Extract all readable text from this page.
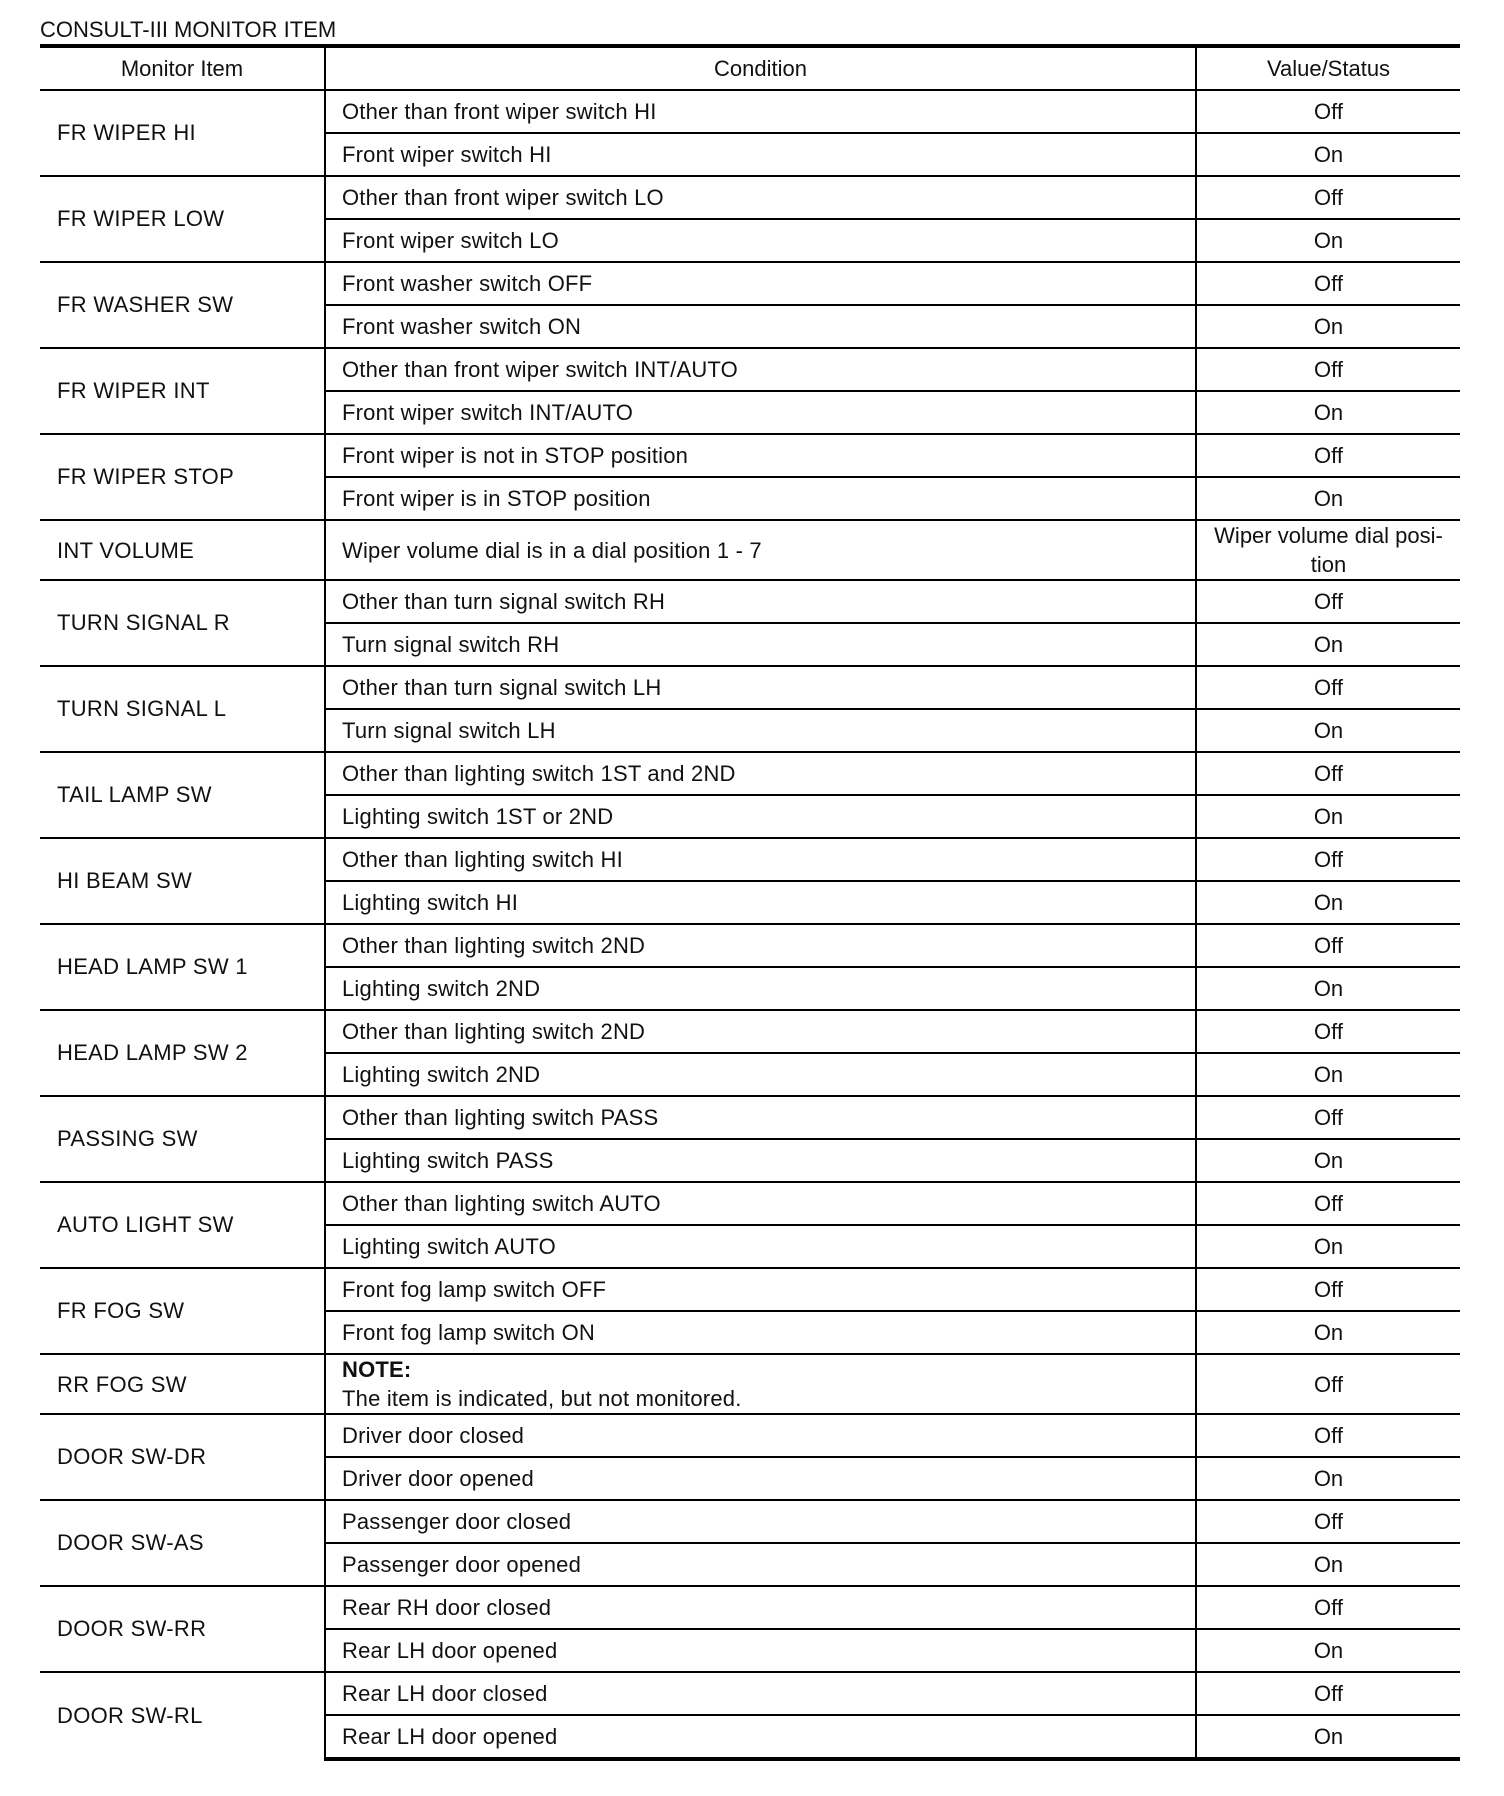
CONSULT-III MONITOR ITEM
Monitor Item	Condition	Value/Status
FR WIPER HI	Other than front wiper switch HI	Off
	Front wiper switch HI	On
FR WIPER LOW	Other than front wiper switch LO	Off
	Front wiper switch LO	On
FR WASHER SW	Front washer switch OFF	Off
	Front washer switch ON	On
FR WIPER INT	Other than front wiper switch INT/AUTO	Off
	Front wiper switch INT/AUTO	On
FR WIPER STOP	Front wiper is not in STOP position	Off
	Front wiper is in STOP position	On
INT VOLUME	Wiper volume dial is in a dial position 1 - 7	Wiper volume dial posi-
tion
TURN SIGNAL R	Other than turn signal switch RH	Off
	Turn signal switch RH	On
TURN SIGNAL L	Other than turn signal switch LH	Off
	Turn signal switch LH	On
TAIL LAMP SW	Other than lighting switch 1ST and 2ND	Off
	Lighting switch 1ST or 2ND	On
HI BEAM SW	Other than lighting switch HI	Off
	Lighting switch HI	On
HEAD LAMP SW 1	Other than lighting switch 2ND	Off
	Lighting switch 2ND	On
HEAD LAMP SW 2	Other than lighting switch 2ND	Off
	Lighting switch 2ND	On
PASSING SW	Other than lighting switch PASS	Off
	Lighting switch PASS	On
AUTO LIGHT SW	Other than lighting switch AUTO	Off
	Lighting switch AUTO	On
FR FOG SW	Front fog lamp switch OFF	Off
	Front fog lamp switch ON	On
RR FOG SW	NOTE:
The item is indicated, but not monitored.	Off
DOOR SW-DR	Driver door closed	Off
	Driver door opened	On
DOOR SW-AS	Passenger door closed	Off
	Passenger door opened	On
DOOR SW-RR	Rear RH door closed	Off
	Rear LH door opened	On
DOOR SW-RL	Rear LH door closed	Off
	Rear LH door opened	On
